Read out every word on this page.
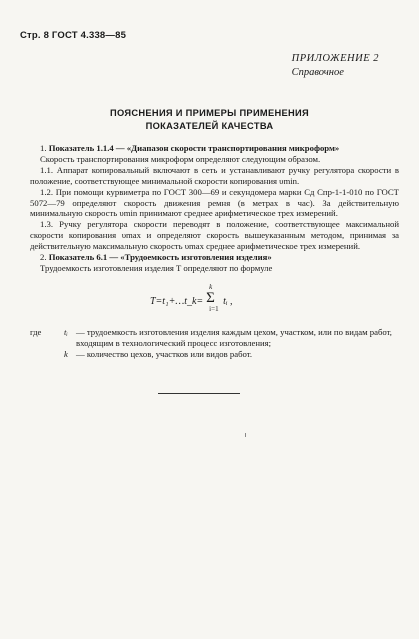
Стр. 8 ГОСТ 4.338—85
ПРИЛОЖЕНИЕ 2
Справочное
ПОЯСНЕНИЯ И ПРИМЕРЫ ПРИМЕНЕНИЯ
ПОКАЗАТЕЛЕЙ КАЧЕСТВА

1. Показатель 1.1.4 — «Диапазон скорости транспортирования микроформ»

Скорость транспортирования микроформ определяют следующим образом.

1.1. Аппарат копировальный включают в сеть и устанавливают ручку регулятора скорости в положение, соответствующее минимальной скорости копирования υmin.

1.2. При помощи курвиметра по ГОСТ 300—69 и секундомера марки Сд Спр-1-1-010 по ГОСТ 5072—79 определяют скорость движения ремня (в метрах в час). За действительную минимальную скорость υmin принимают среднее арифметическое трех измерений.

1.3. Ручку регулятора скорости переводят в положение, соответствующее максимальной скорости копирования υmax и определяют скорость вышеуказанным методом, принимая за действительную максимальную скорость υmax среднее арифметическое трех измерений.

2. Показатель 6.1 — «Трудоемкость изготовления изделия»

Трудоемкость изготовления изделия T определяют по формуле

T=t₁+…t_k=
k
Σ
i=1
tᵢ ,
где	tᵢ — трудоемкость изготовления изделия каждым цехом, участком, или по видам работ, входящим в технологический процесс изготовления;
k — количество цехов, участков или видов работ.
